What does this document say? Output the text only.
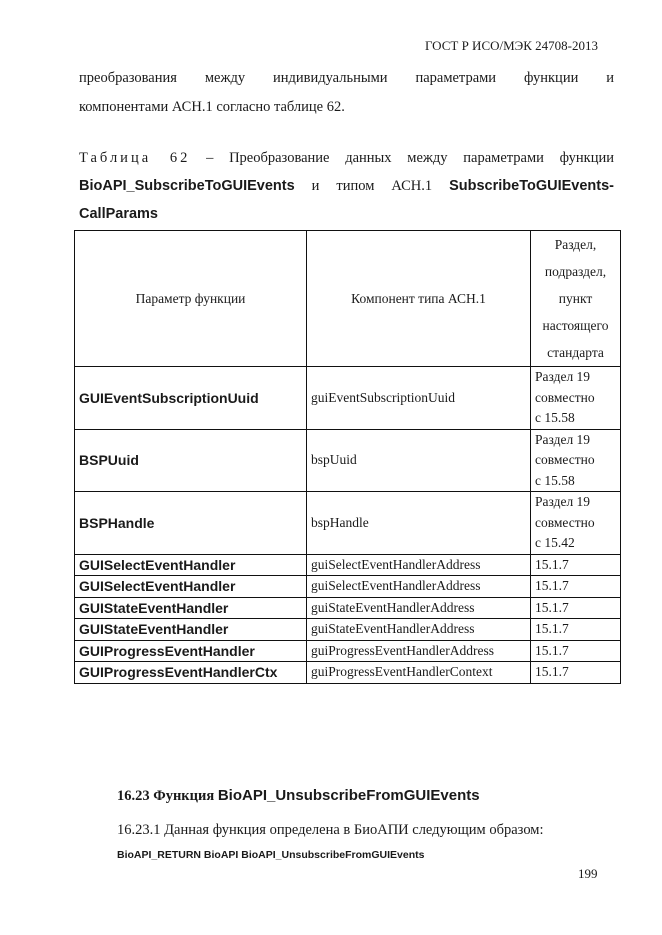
ГОСТ Р ИСО/МЭК 24708-2013
преобразования между индивидуальными параметрами функции и
компонентами АСН.1 согласно таблице 62.
Таблица 62 – Преобразование данных между параметрами функции
BioAPI_SubscribeToGUIEvents и типом АСН.1 SubscribeToGUIEvents-
CallParams
Параметр функции	Компонент типа АСН.1	Раздел,
подраздел,
пункт
настоящего
стандарта

GUIEventSubscriptionUuid	guiEventSubscriptionUuid	Раздел 19
совместно
с 15.58

BSPUuid	bspUuid	Раздел 19
совместно
с 15.58

BSPHandle	bspHandle	Раздел 19
совместно
с 15.42

GUISelectEventHandler	guiSelectEventHandlerAddress	15.1.7
GUISelectEventHandler	guiSelectEventHandlerAddress	15.1.7
GUIStateEventHandler	guiStateEventHandlerAddress	15.1.7
GUIStateEventHandler	guiStateEventHandlerAddress	15.1.7
GUIProgressEventHandler	guiProgressEventHandlerAddress	15.1.7
GUIProgressEventHandlerCtx	guiProgressEventHandlerContext	15.1.7
16.23 Функция BioAPI_UnsubscribeFromGUIEvents
16.23.1 Данная функция определена в БиоАПИ следующим образом:
BioAPI_RETURN BioAPI BioAPI_UnsubscribeFromGUIEvents
199
